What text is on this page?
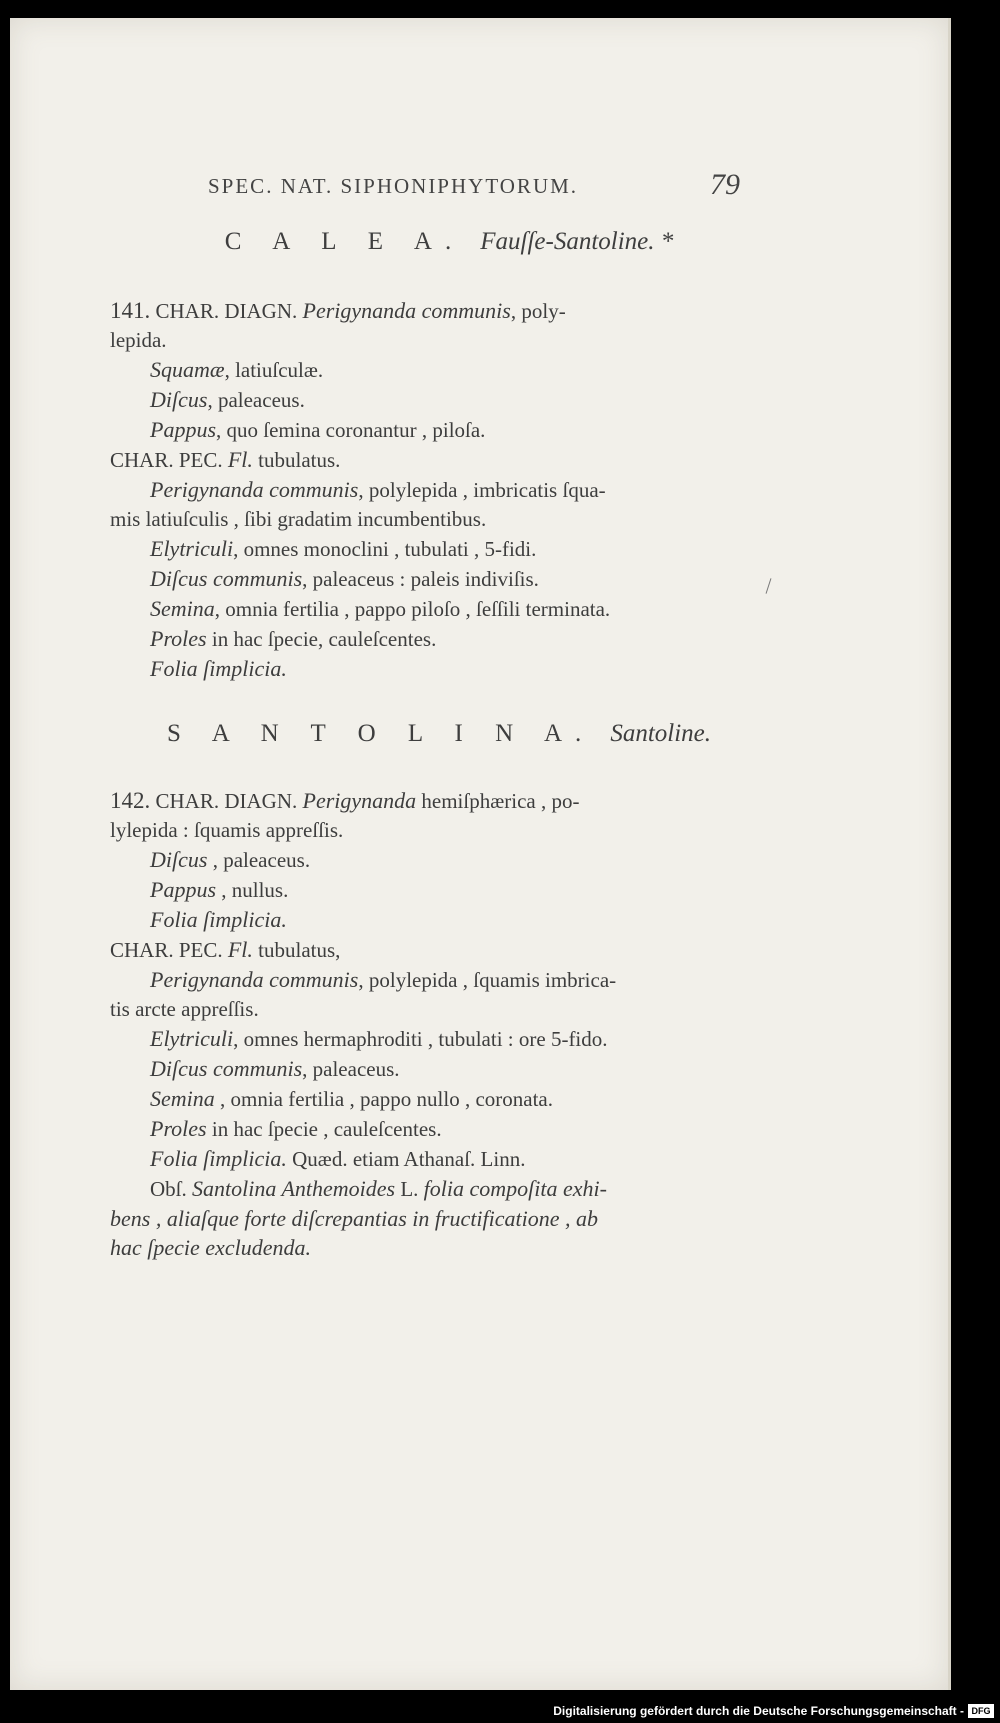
SPEC. NAT. SIPHONIPHYTORUM.	79
C A L E A. Fauſſe-Santoline. *

141. CHAR. DIAGN. Perigynanda communis, poly-

lepida.

Squamæ, latiuſculæ.

Diſcus, paleaceus.

Pappus, quo ſemina coronantur , piloſa.

CHAR. PEC. Fl. tubulatus.

Perigynanda communis, polylepida , imbricatis ſqua-

mis latiuſculis , ſibi gradatim incumbentibus.

Elytriculi, omnes monoclini , tubulati , 5-fidi.

Diſcus communis, paleaceus : paleis indiviſis.

Semina, omnia fertilia , pappo piloſo , ſeſſili terminata.

Proles in hac ſpecie, cauleſcentes.

Folia ſimplicia.

S A N T O L I N A. Santoline.

142. CHAR. DIAGN. Perigynanda hemiſphærica , po-

lylepida : ſquamis appreſſis.

Diſcus , paleaceus.

Pappus , nullus.

Folia ſimplicia.

CHAR. PEC. Fl. tubulatus,

Perigynanda communis, polylepida , ſquamis imbrica-

tis arcte appreſſis.

Elytriculi, omnes hermaphroditi , tubulati : ore 5-fido.

Diſcus communis, paleaceus.

Semina , omnia fertilia , pappo nullo , coronata.

Proles in hac ſpecie , cauleſcentes.

Folia ſimplicia. Quæd. etiam Athanaſ. Linn.

Obſ. Santolina Anthemoides L. folia compoſita exhi-

bens , aliaſque forte diſcrepantias in fructificatione , ab

hac ſpecie excludenda.

Digitalisierung gefördert durch die Deutsche Forschungsgemeinschaft - DFG
